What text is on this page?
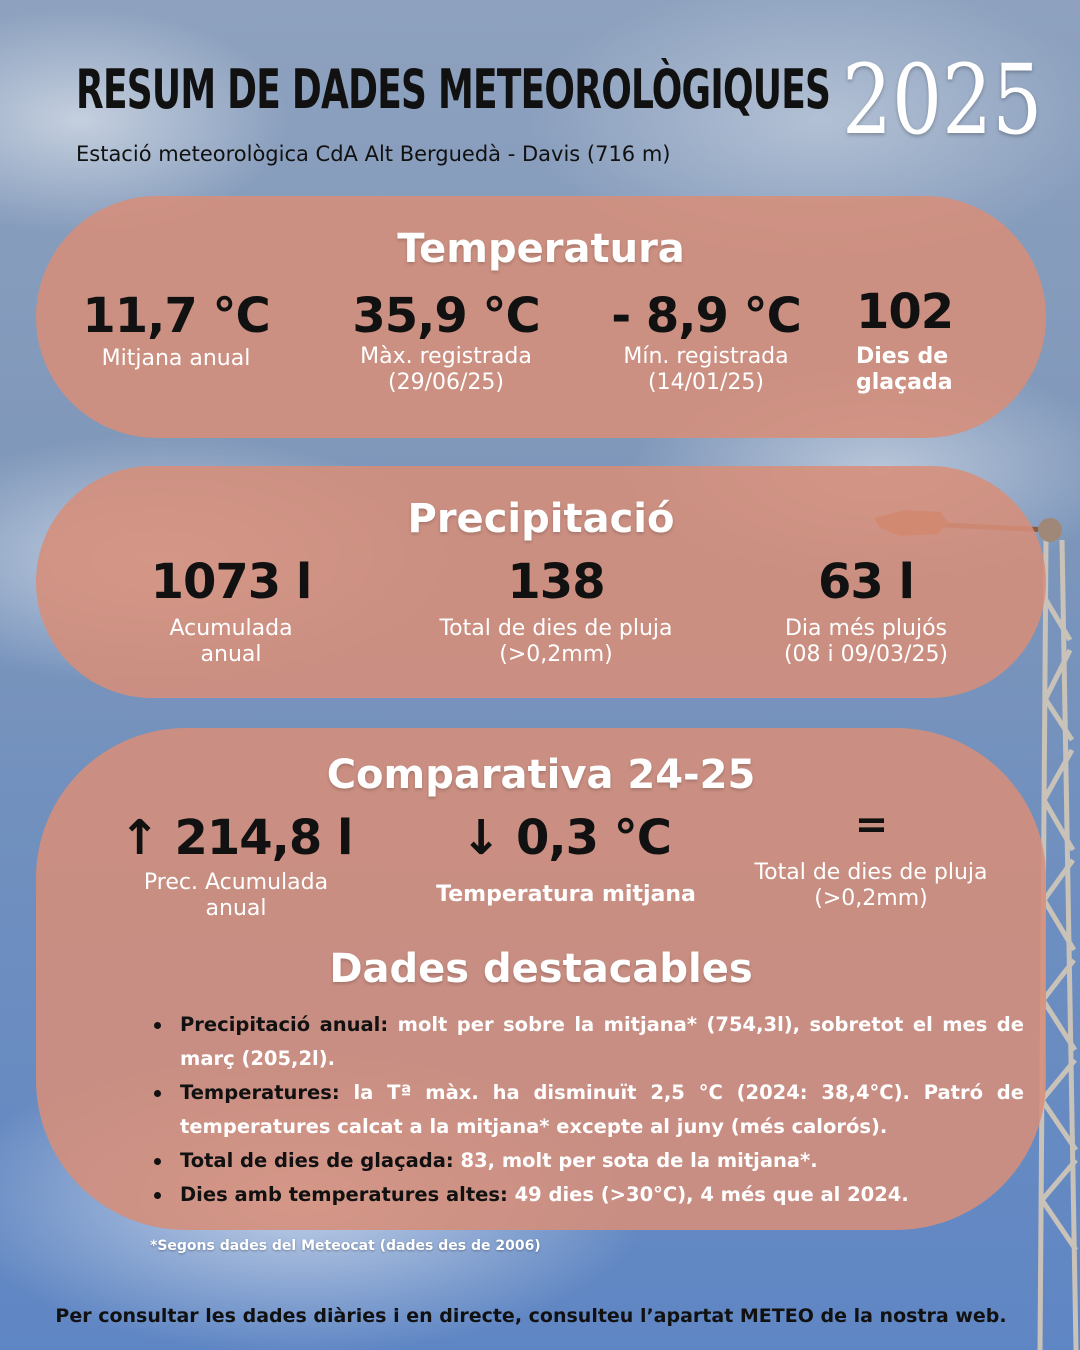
RESUM DE DADES METEOROLÒGIQUES
Estació meteorològica CdA Alt Berguedà - Davis (716 m) 2025
Temperatura
11,7 °C
Mitjana anual
35,9 °C
Màx. registrada
(29/06/25)
- 8,9 °C
Mín. registrada
(14/01/25)
102
Dies de
glaçada
Precipitació
1073 l
Acumulada
anual
138
Total de dies de pluja
(>0,2mm)
63 l
Dia més plujós
(08 i 09/03/25)
Comparativa 24-25
↑ 214,8 l
Prec. Acumulada
anual
↓ 0,3 °C
Temperatura mitjana
=
Total de dies de pluja
(>0,2mm)
Dades destacables
Precipitació anual: molt per sobre la mitjana* (754,3l), sobretot el mes de març (205,2l).
Temperatures: la Tª màx. ha disminuït 2,5 °C (2024: 38,4°C). Patró de temperatures calcat a la mitjana* excepte al juny (més calorós).
Total de dies de glaçada: 83, molt per sota de la mitjana*.
Dies amb temperatures altes: 49 dies (>30°C), 4 més que al 2024.
*Segons dades del Meteocat (dades des de 2006)
Per consultar les dades diàries i en directe, consulteu l’apartat METEO de la nostra web.
